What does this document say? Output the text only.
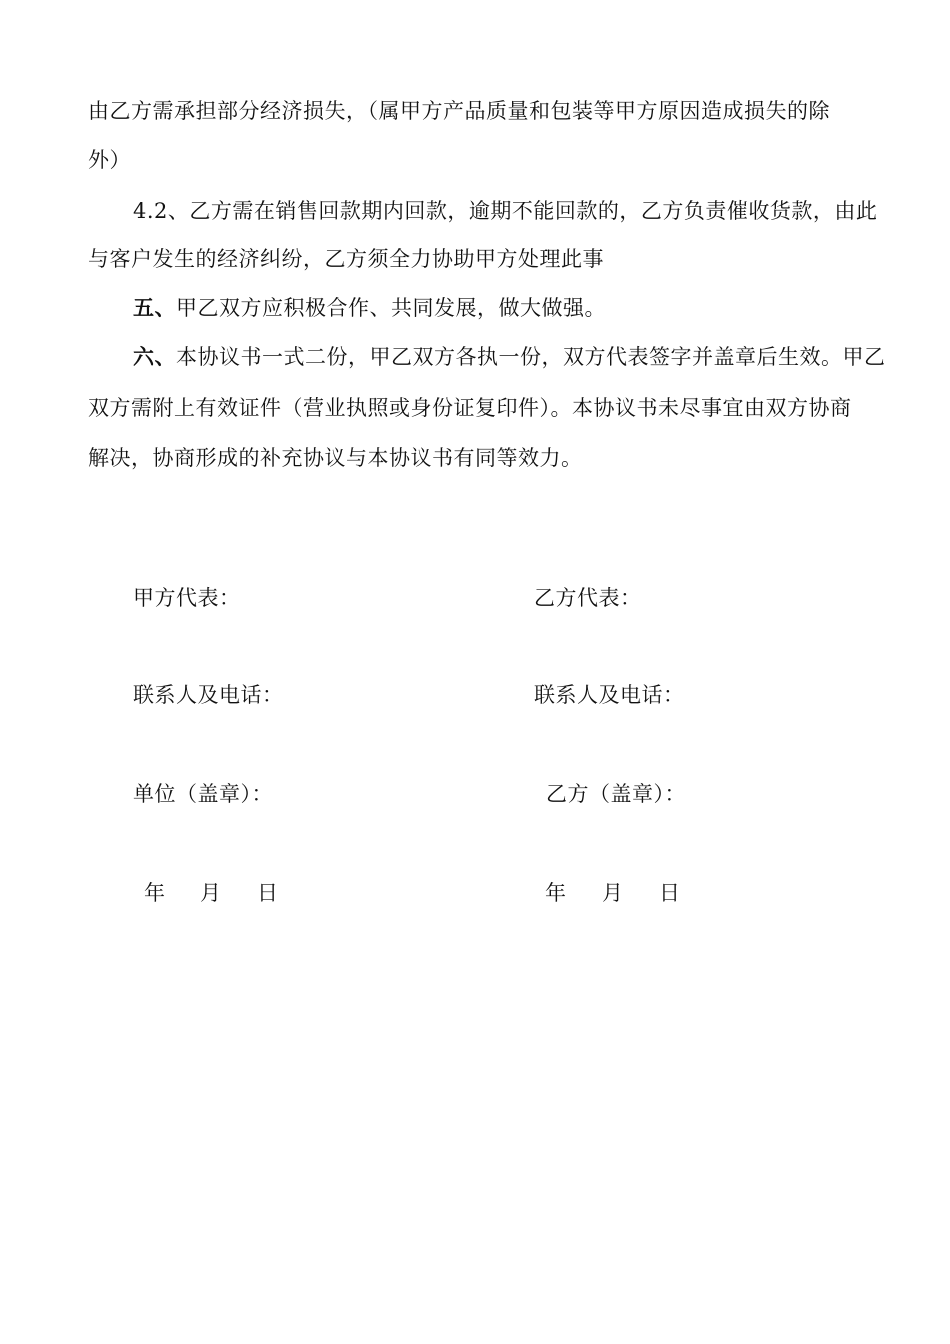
由乙方需承担部分经济损失，（属甲方产品质量和包装等甲方原因造成损失的除
外）
4.2、乙方需在销售回款期内回款，逾期不能回款的，乙方负责催收货款，由此
与客户发生的经济纠纷，乙方须全力协助甲方处理此事
五、甲乙双方应积极合作、共同发展，做大做强。
六、本协议书一式二份，甲乙双方各执一份，双方代表签字并盖章后生效。甲乙
双方需附上有效证件（营业执照或身份证复印件）。本协议书未尽事宜由双方协商
解决，协商形成的补充协议与本协议书有同等效力。
甲方代表：
联系人及电话：
单位（盖章）：
年 月 日
乙方代表：
联系人及电话：
乙方（盖章）：
年 月 日
